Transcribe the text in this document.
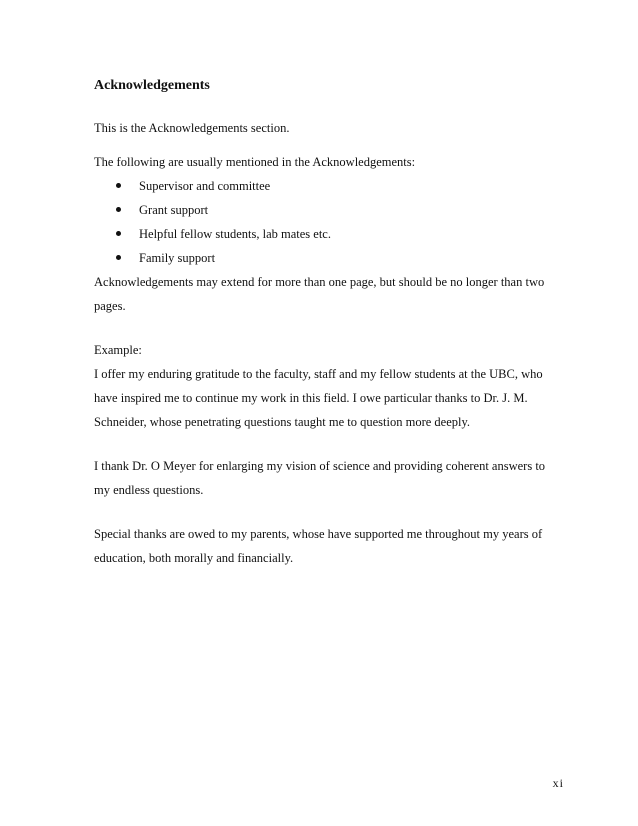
Acknowledgements

This is the Acknowledgements section.

The following are usually mentioned in the Acknowledgements:

Supervisor and committee
Grant support
Helpful fellow students, lab mates etc.
Family support

Acknowledgements may extend for more than one page, but should be no longer than two

pages.

Example:

I offer my enduring gratitude to the faculty, staff and my fellow students at the UBC, who

have inspired me to continue my work in this field. I owe particular thanks to Dr. J. M.

Schneider, whose penetrating questions taught me to question more deeply.

I thank Dr. O Meyer for enlarging my vision of science and providing coherent answers to

my endless questions.

Special thanks are owed to my parents, whose have supported me throughout my years of

education, both morally and financially.

xi
